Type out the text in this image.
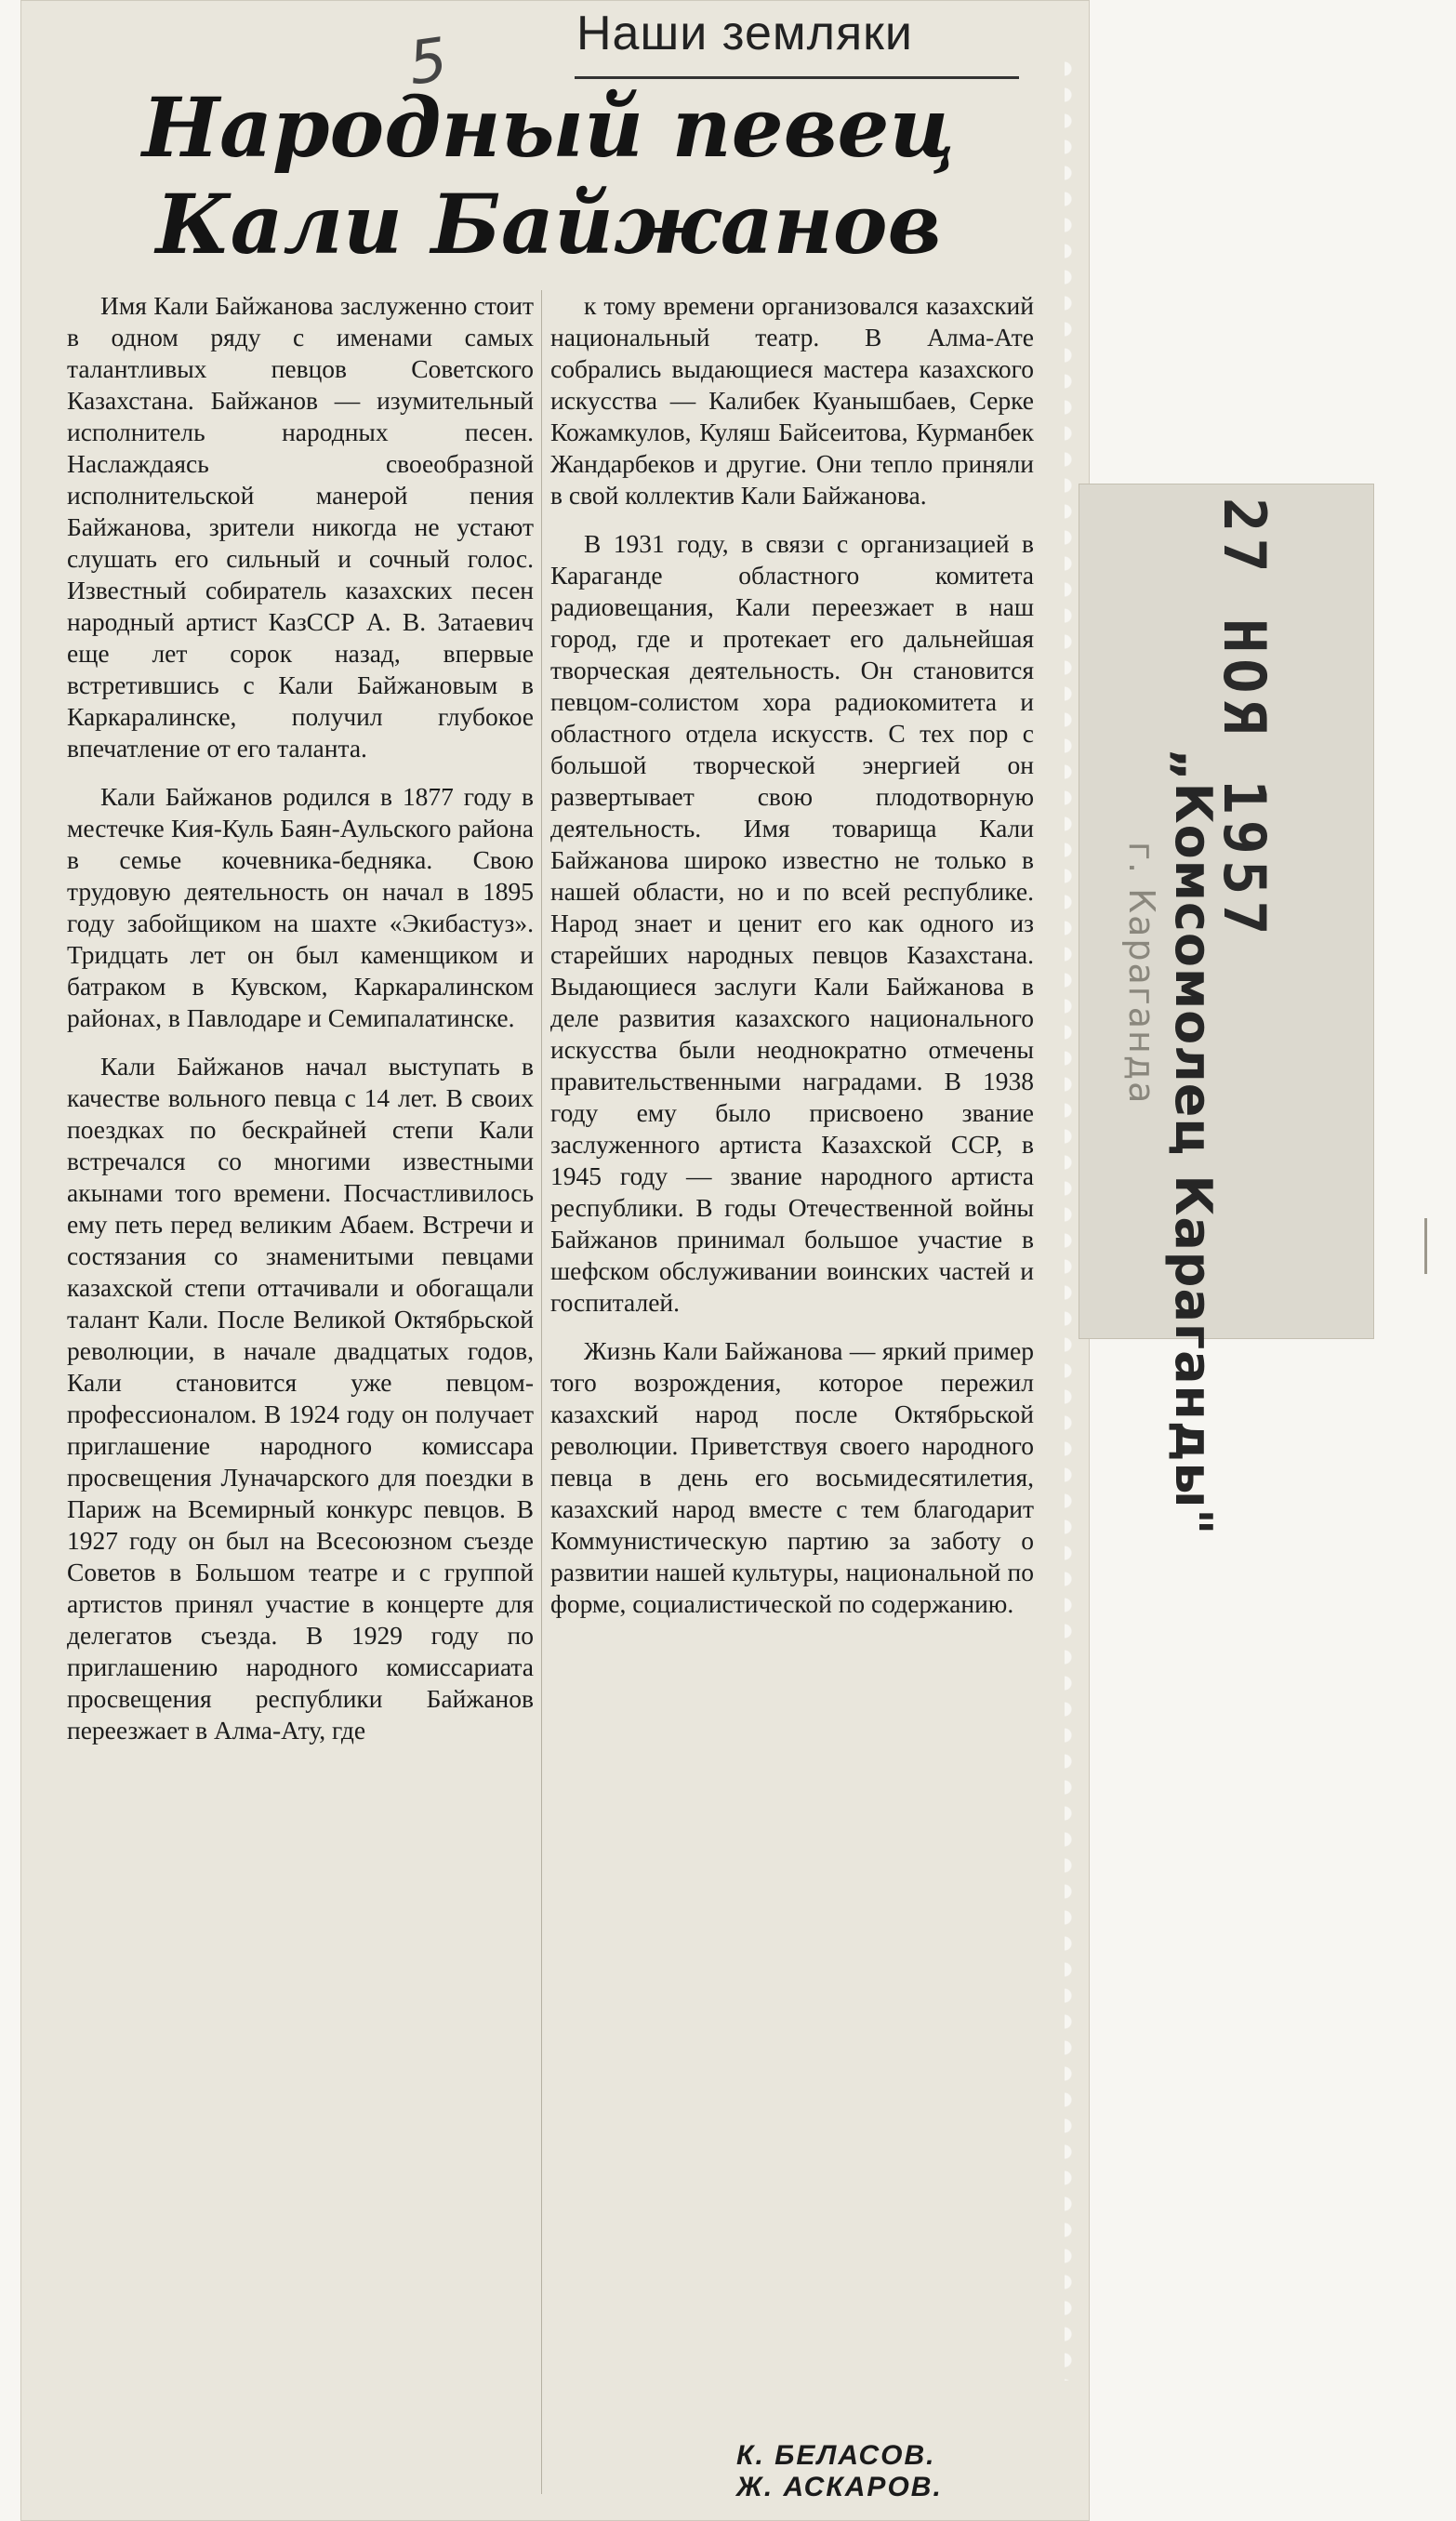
Наши земляки
5
Народный певец
Кали Байжанов

Имя Кали Байжанова заслуженно стоит в одном ряду с именами самых талантливых певцов Советского Казахстана. Байжанов — изумительный исполнитель народных песен. Наслаждаясь своеобразной исполнительской манерой пения Байжанова, зрители никогда не устают слушать его сильный и сочный голос. Известный собиратель казахских песен народный артист КазССР А. В. Затаевич еще лет сорок назад, впервые встретившись с Кали Байжановым в Каркаралинске, получил глубокое впечатление от его таланта.

Кали Байжанов родился в 1877 году в местечке Кия-Куль Баян-Аульского района в семье кочевника-бедняка. Свою трудовую деятельность он начал в 1895 году забойщиком на шахте «Экибастуз». Тридцать лет он был каменщиком и батраком в Кувском, Каркаралинском районах, в Павлодаре и Семипалатинске.

Кали Байжанов начал выступать в качестве вольного певца с 14 лет. В своих поездках по бескрайней степи Кали встречался со многими известными акынами того времени. Посчастливилось ему петь перед великим Абаем. Встречи и состязания со знаменитыми певцами казахской степи оттачивали и обогащали талант Кали. После Великой Октябрьской революции, в начале двадцатых годов, Кали становится уже певцом-профессионалом. В 1924 году он получает приглашение народного комиссара просвещения Луначарского для поездки в Париж на Всемирный конкурс певцов. В 1927 году он был на Всесоюзном съезде Советов в Большом театре и с группой артистов принял участие в концерте для делегатов съезда. В 1929 году по приглашению народного комиссариата просвещения республики Байжанов переезжает в Алма-Ату, где

к тому времени организовался казахский национальный театр. В Алма-Ате собрались выдающиеся мастера казахского искусства — Калибек Куанышбаев, Серке Кожамкулов, Куляш Байсеитова, Курманбек Жандарбеков и другие. Они тепло приняли в свой коллектив Кали Байжанова.

В 1931 году, в связи с организацией в Караганде областного комитета радиовещания, Кали переезжает в наш город, где и протекает его дальнейшая творческая деятельность. Он становится певцом-солистом хора радиокомитета и областного отдела искусств. С тех пор с большой творческой энергией он развертывает свою плодотворную деятельность. Имя товарища Кали Байжанова широко известно не только в нашей области, но и по всей республике. Народ знает и ценит его как одного из старейших народных певцов Казахстана. Выдающиеся заслуги Кали Байжанова в деле развития казахского национального искусства были неоднократно отмечены правительственными наградами. В 1938 году ему было присвоено звание заслуженного артиста Казахской ССР, в 1945 году — звание народного артиста республики. В годы Отечественной войны Байжанов принимал большое участие в шефском обслуживании воинских частей и госпиталей.

Жизнь Кали Байжанова — яркий пример того возрождения, которое пережил казахский народ после Октябрьской революции. Приветствуя своего народного певца в день его восьмидесятилетия, казахский народ вместе с тем благодарит Коммунистическую партию за заботу о развитии нашей культуры, национальной по форме, социалистической по содержанию.

К. БЕЛАСОВ.
Ж. АСКАРОВ.
27 НОЯ 1957
„Комсомолец Караганды"
г. Караганда
